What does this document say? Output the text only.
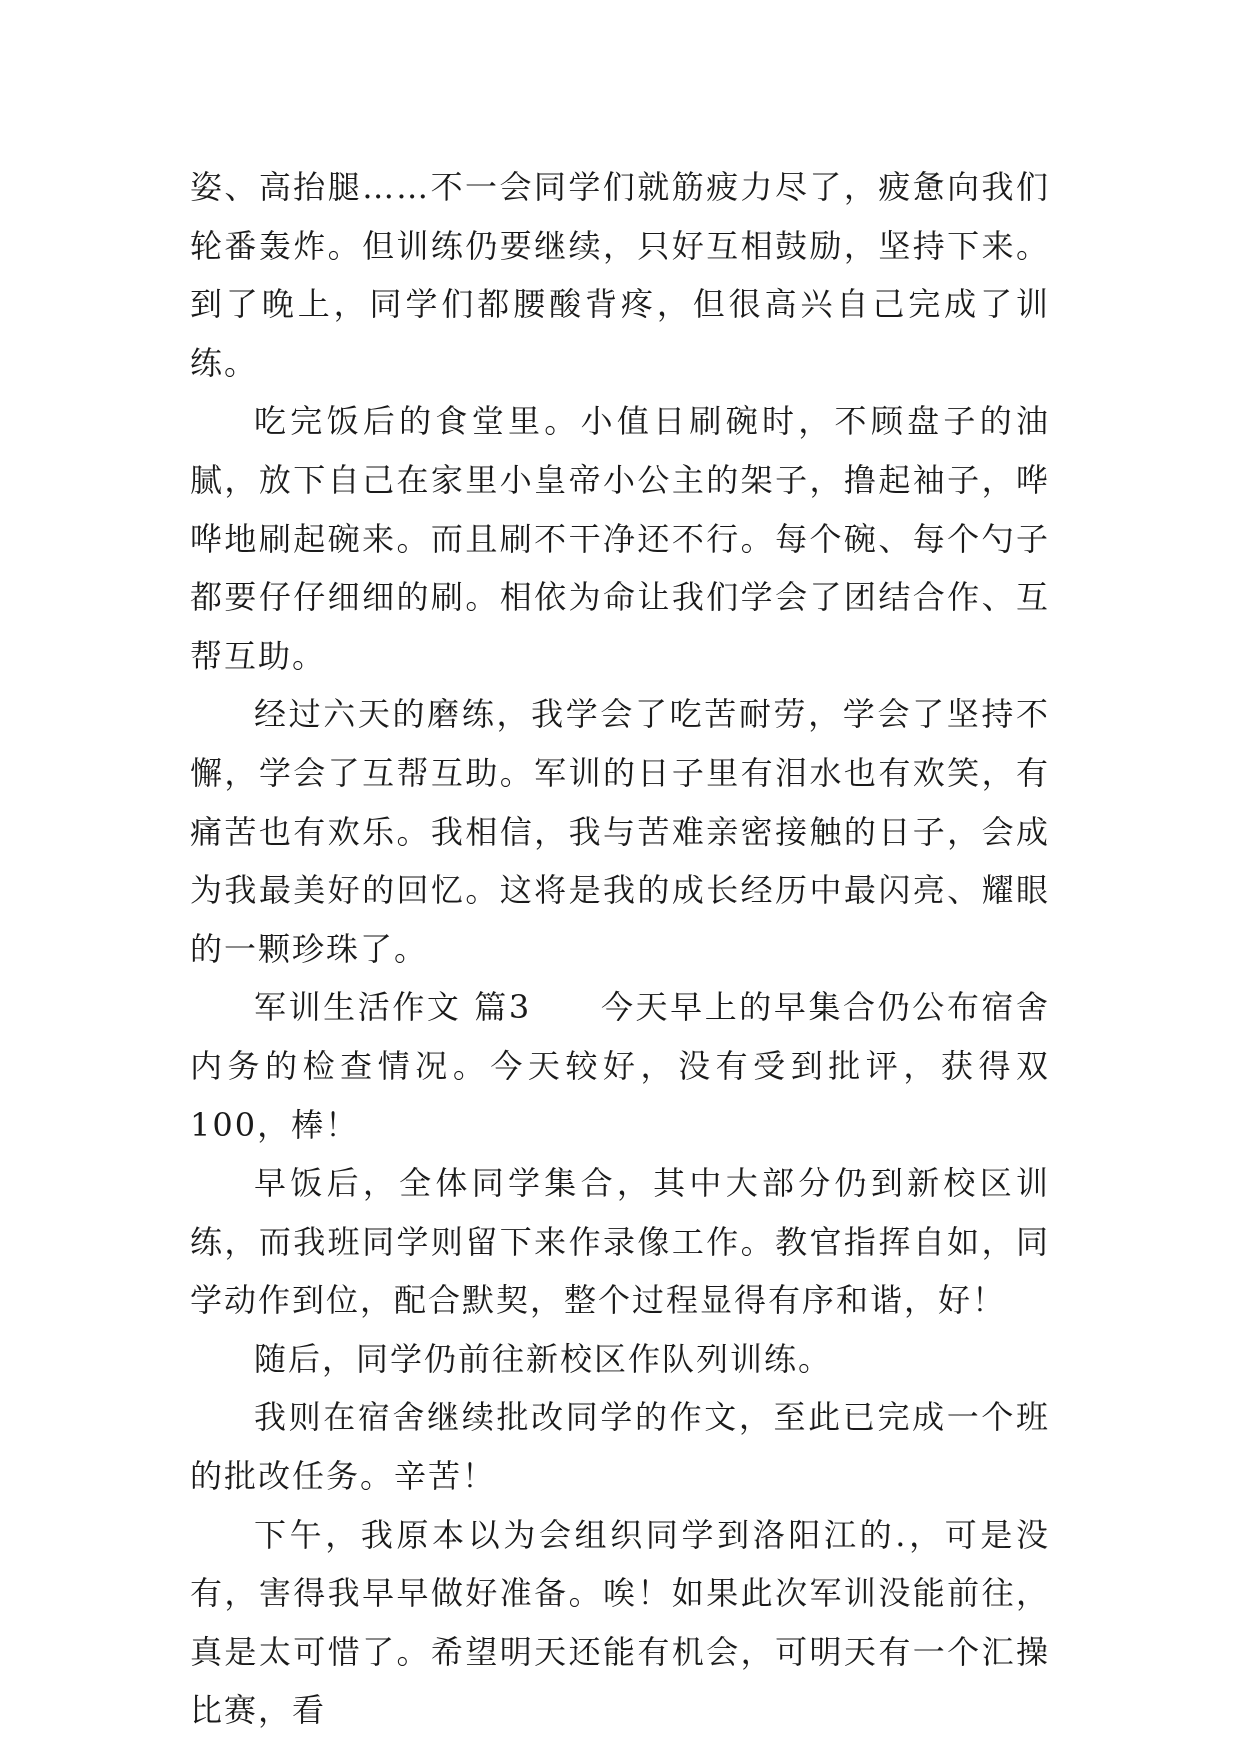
姿、高抬腿……不一会同学们就筋疲力尽了，疲惫向我们轮番轰炸。但训练仍要继续，只好互相鼓励，坚持下来。到了晚上，同学们都腰酸背疼，但很高兴自己完成了训练。

吃完饭后的食堂里。小值日刷碗时，不顾盘子的油腻，放下自己在家里小皇帝小公主的架子，撸起袖子，哗哗地刷起碗来。而且刷不干净还不行。每个碗、每个勺子都要仔仔细细的刷。相依为命让我们学会了团结合作、互帮互助。

经过六天的磨练，我学会了吃苦耐劳，学会了坚持不懈，学会了互帮互助。军训的日子里有泪水也有欢笑，有痛苦也有欢乐。我相信，我与苦难亲密接触的日子，会成为我最美好的回忆。这将是我的成长经历中最闪亮、耀眼的一颗珍珠了。

军训生活作文 篇3　　今天早上的早集合仍公布宿舍内务的检查情况。今天较好，没有受到批评，获得双100，棒！

早饭后，全体同学集合，其中大部分仍到新校区训练，而我班同学则留下来作录像工作。教官指挥自如，同学动作到位，配合默契，整个过程显得有序和谐，好！

随后，同学仍前往新校区作队列训练。

我则在宿舍继续批改同学的作文，至此已完成一个班的批改任务。辛苦！

下午，我原本以为会组织同学到洛阳江的.，可是没有，害得我早早做好准备。唉！如果此次军训没能前往，真是太可惜了。希望明天还能有机会，可明天有一个汇操比赛，看
